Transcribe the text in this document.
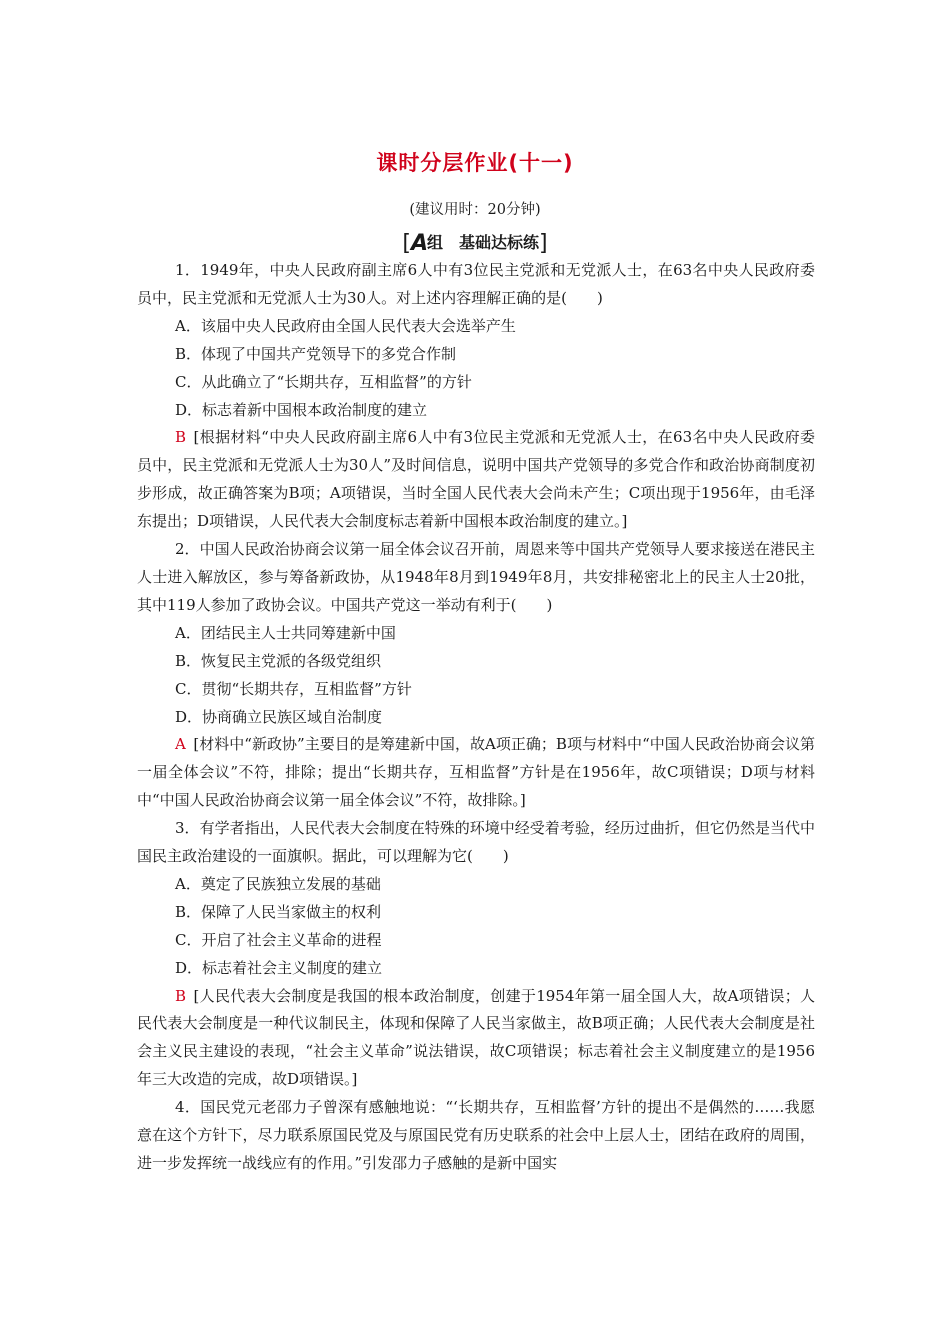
课时分层作业(十一)
(建议用时：20分钟)
[A组　基础达标练]

1．1949年，中央人民政府副主席6人中有3位民主党派和无党派人士，在63名中央人民政府委员中，民主党派和无党派人士为30人。对上述内容理解正确的是(　　)

A．该届中央人民政府由全国人民代表大会选举产生

B．体现了中国共产党领导下的多党合作制

C．从此确立了“长期共存，互相监督”的方针

D．标志着新中国根本政治制度的建立

B  [根据材料“中央人民政府副主席6人中有3位民主党派和无党派人士，在63名中央人民政府委员中，民主党派和无党派人士为30人”及时间信息，说明中国共产党领导的多党合作和政治协商制度初步形成，故正确答案为B项；A项错误，当时全国人民代表大会尚未产生；C项出现于1956年，由毛泽东提出；D项错误，人民代表大会制度标志着新中国根本政治制度的建立。]

2．中国人民政治协商会议第一届全体会议召开前，周恩来等中国共产党领导人要求接送在港民主人士进入解放区，参与筹备新政协，从1948年8月到1949年8月，共安排秘密北上的民主人士20批，其中119人参加了政协会议。中国共产党这一举动有利于(　　)

A．团结民主人士共同筹建新中国

B．恢复民主党派的各级党组织

C．贯彻“长期共存，互相监督”方针

D．协商确立民族区域自治制度

A  [材料中“新政协”主要目的是筹建新中国，故A项正确；B项与材料中“中国人民政治协商会议第一届全体会议”不符，排除；提出“长期共存，互相监督”方针是在1956年，故C项错误；D项与材料中“中国人民政治协商会议第一届全体会议”不符，故排除。]

3．有学者指出，人民代表大会制度在特殊的环境中经受着考验，经历过曲折，但它仍然是当代中国民主政治建设的一面旗帜。据此，可以理解为它(　　)

A．奠定了民族独立发展的基础

B．保障了人民当家做主的权利

C．开启了社会主义革命的进程

D．标志着社会主义制度的建立

B  [人民代表大会制度是我国的根本政治制度，创建于1954年第一届全国人大，故A项错误；人民代表大会制度是一种代议制民主，体现和保障了人民当家做主，故B项正确；人民代表大会制度是社会主义民主建设的表现，“社会主义革命”说法错误，故C项错误；标志着社会主义制度建立的是1956年三大改造的完成，故D项错误。]

4．国民党元老邵力子曾深有感触地说：“‘长期共存，互相监督’方针的提出不是偶然的……我愿意在这个方针下，尽力联系原国民党及与原国民党有历史联系的社会中上层人士，团结在政府的周围，进一步发挥统一战线应有的作用。”引发邵力子感触的是新中国实
